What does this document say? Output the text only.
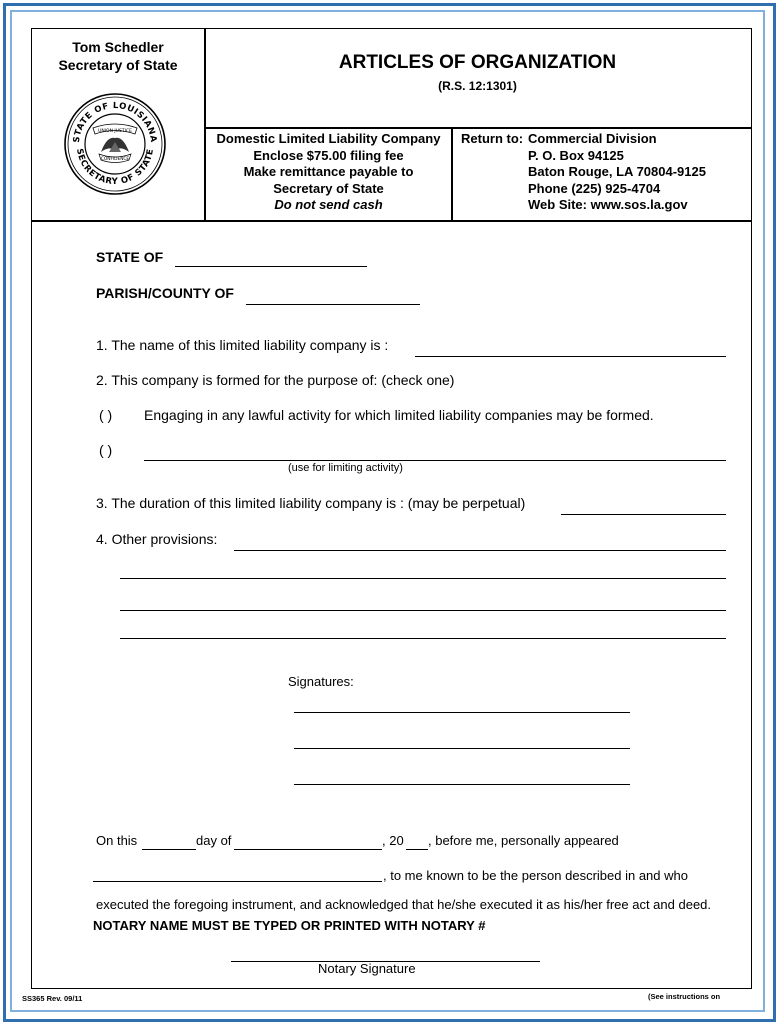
Tom Schedler
Secretary of State
STATE OF LOUISIANA
SECRETARY OF STATE
UNION JUSTICE
CONFIDENCE
ARTICLES OF ORGANIZATION
(R.S. 12:1301)
Domestic Limited Liability Company
Enclose $75.00 filing fee
Make remittance payable to
Secretary of State
Do not send cash
Return to: Commercial Division
P. O. Box 94125
Baton Rouge, LA 70804-9125
Phone (225) 925-4704
Web Site: www.sos.la.gov
STATE OF
PARISH/COUNTY OF
1. The name of this limited liability company is :
2. This company is formed for the purpose of: (check one)
( ) Engaging in any lawful activity for which limited liability companies may be formed.
( )
(use for limiting activity)
3. The duration of this limited liability company is : (may be perpetual)
4. Other provisions:
Signatures:
On this	day of	, 20 , before me, personally appeared
, to me known to be the person described in and who
executed the foregoing instrument, and acknowledged that he/she executed it as his/her free act and deed.
NOTARY NAME MUST BE TYPED OR PRINTED WITH NOTARY #
Notary Signature
SS365 Rev. 09/11	(See instructions on
